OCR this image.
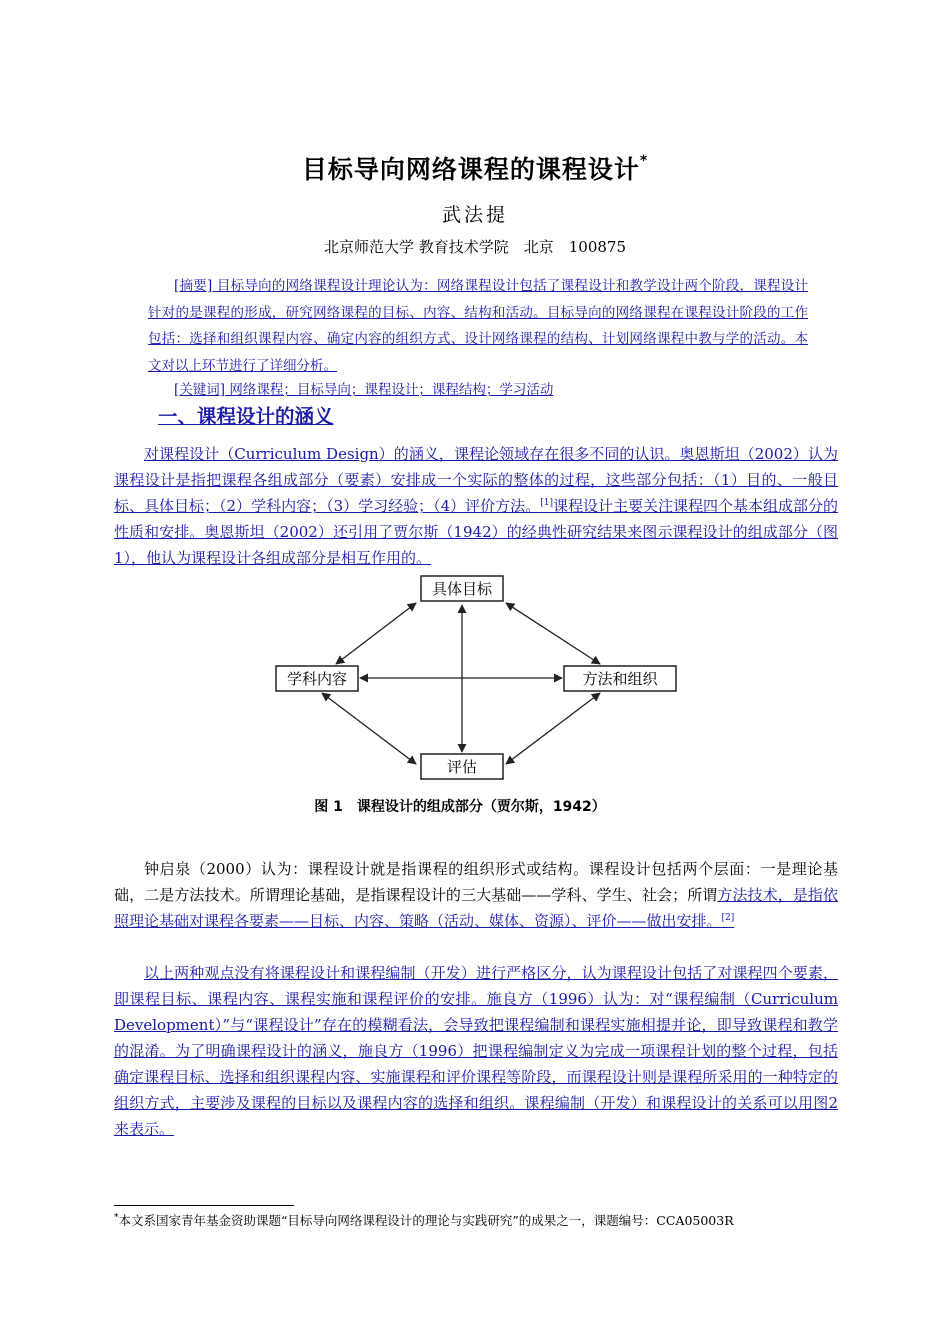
目标导向网络课程的课程设计*
武法提
北京师范大学 教育技术学院　北京　100875
[摘要] 目标导向的网络课程设计理论认为：网络课程设计包括了课程设计和教学设计两个阶段，课程设计针对的是课程的形成，研究网络课程的目标、内容、结构和活动。目标导向的网络课程在课程设计阶段的工作包括：选择和组织课程内容、确定内容的组织方式、设计网络课程的结构、计划网络课程中教与学的活动。本文对以上环节进行了详细分析。
[关键词] 网络课程；目标导向；课程设计；课程结构；学习活动
一、课程设计的涵义
对课程设计（Curriculum Design）的涵义，课程论领域存在很多不同的认识。奥恩斯坦（2002）认为课程设计是指把课程各组成部分（要素）安排成一个实际的整体的过程，这些部分包括：（1）目的、一般目标、具体目标；（2）学科内容；（3）学习经验；（4）评价方法。[1]课程设计主要关注课程四个基本组成部分的性质和安排。奥恩斯坦（2002）还引用了贾尔斯（1942）的经典性研究结果来图示课程设计的组成部分（图1），他认为课程设计各组成部分是相互作用的。
具体目标
学科内容	方法和组织
评估
图 1　课程设计的组成部分（贾尔斯，1942）
钟启泉（2000）认为：课程设计就是指课程的组织形式或结构。课程设计包括两个层面：一是理论基础，二是方法技术。所谓理论基础，是指课程设计的三大基础——学科、学生、社会；所谓方法技术，是指依照理论基础对课程各要素——目标、内容、策略（活动、媒体、资源）、评价——做出安排。[2]
以上两种观点没有将课程设计和课程编制（开发）进行严格区分，认为课程设计包括了对课程四个要素，即课程目标、课程内容、课程实施和课程评价的安排。施良方（1996）认为：对“课程编制（Curriculum Development）”与“课程设计”存在的模糊看法，会导致把课程编制和课程实施相提并论，即导致课程和教学的混淆。为了明确课程设计的涵义，施良方（1996）把课程编制定义为完成一项课程计划的整个过程，包括确定课程目标、选择和组织课程内容、实施课程和评价课程等阶段，而课程设计则是课程所采用的一种特定的组织方式，主要涉及课程的目标以及课程内容的选择和组织。课程编制（开发）和课程设计的关系可以用图2来表示。
*本文系国家青年基金资助课题“目标导向网络课程设计的理论与实践研究”的成果之一，课题编号：CCA05003R
